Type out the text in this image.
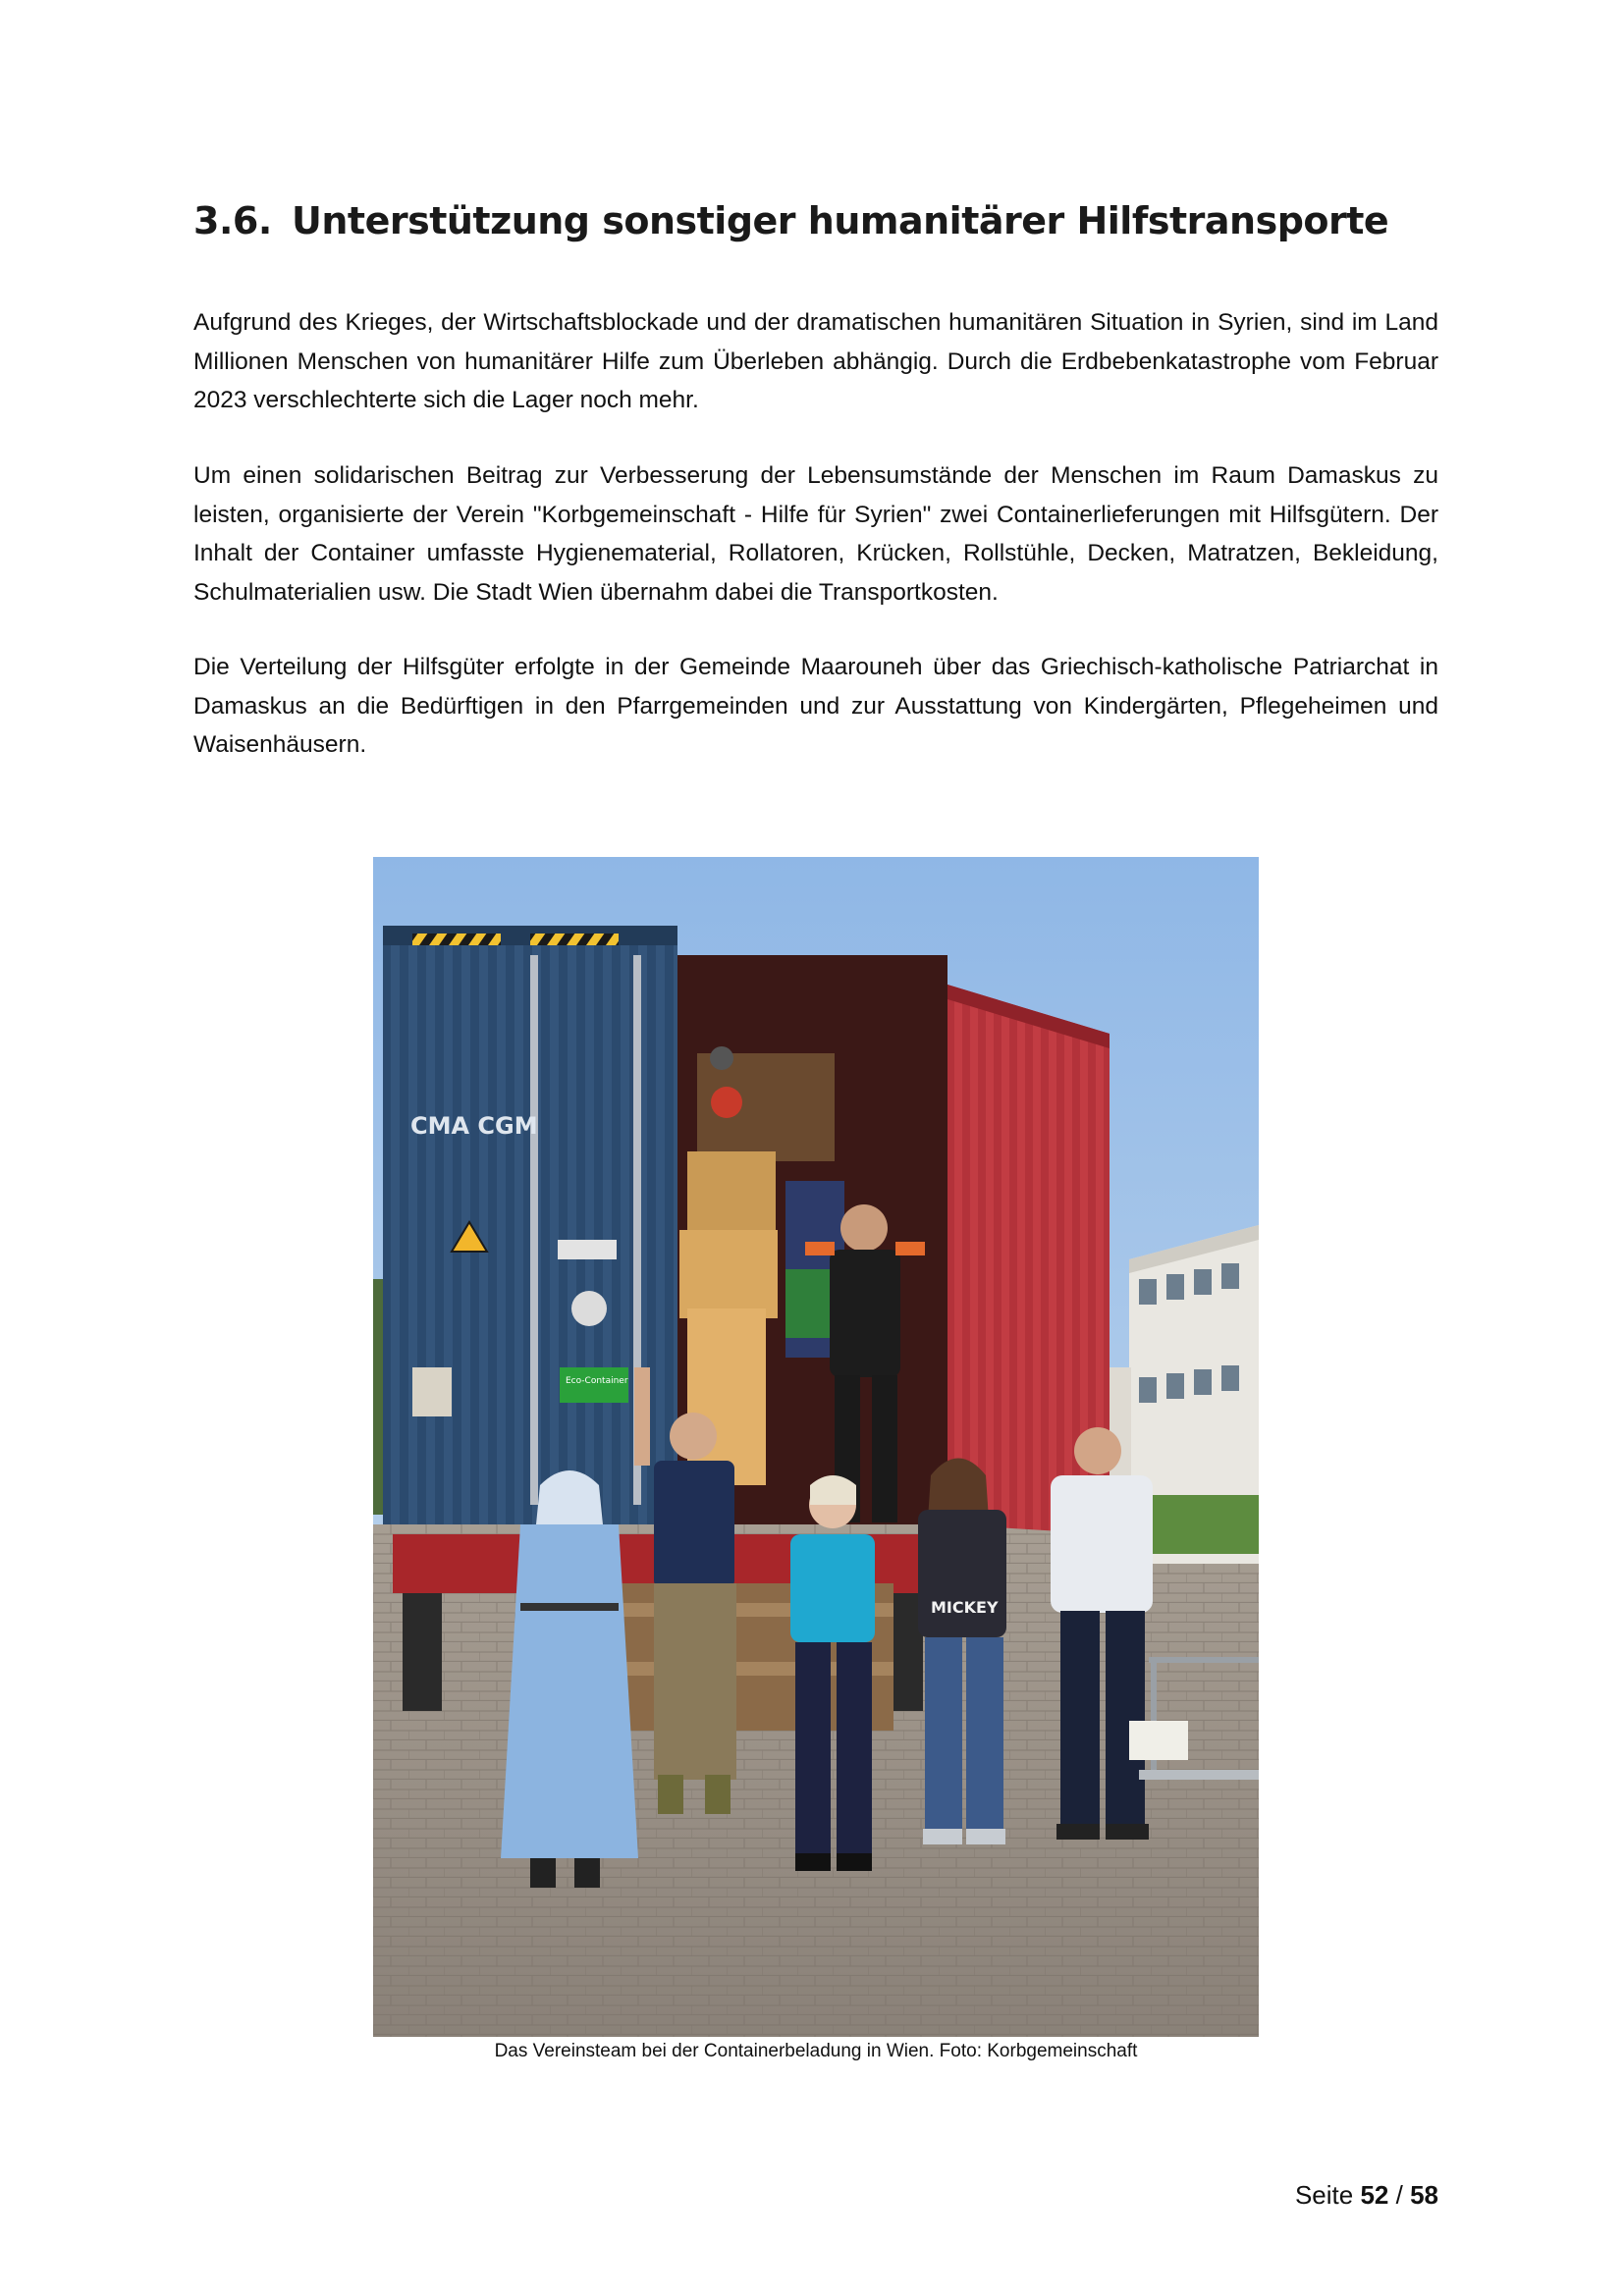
3.6. Unterstützung sonstiger humanitärer Hilfstransporte

Aufgrund des Krieges, der Wirtschaftsblockade und der dramatischen humanitären Situation in Syrien, sind im Land Millionen Menschen von humanitärer Hilfe zum Überleben abhängig. Durch die Erdbebenkatastrophe vom Februar 2023 verschlechterte sich die Lager noch mehr.

Um einen solidarischen Beitrag zur Verbesserung der Lebensumstände der Menschen im Raum Damaskus zu leisten, organisierte der Verein "Korbgemeinschaft - Hilfe für Syrien" zwei Containerlieferungen mit Hilfsgütern. Der Inhalt der Container umfasste Hygienematerial, Rollatoren, Krücken, Rollstühle, Decken, Matratzen, Bekleidung, Schulmaterialien usw. Die Stadt Wien übernahm dabei die Transportkosten.

Die Verteilung der Hilfsgüter erfolgte in der Gemeinde Maarouneh über das Griechisch-katholische Patriarchat in Damaskus an die Bedürftigen in den Pfarrgemeinden und zur Ausstattung von Kindergärten, Pflegeheimen und Waisenhäusern.

CMA CGM
Eco-Container
MICKEY

Das Vereinsteam bei der Containerbeladung in Wien. Foto: Korbgemeinschaft

Seite 52 / 58
